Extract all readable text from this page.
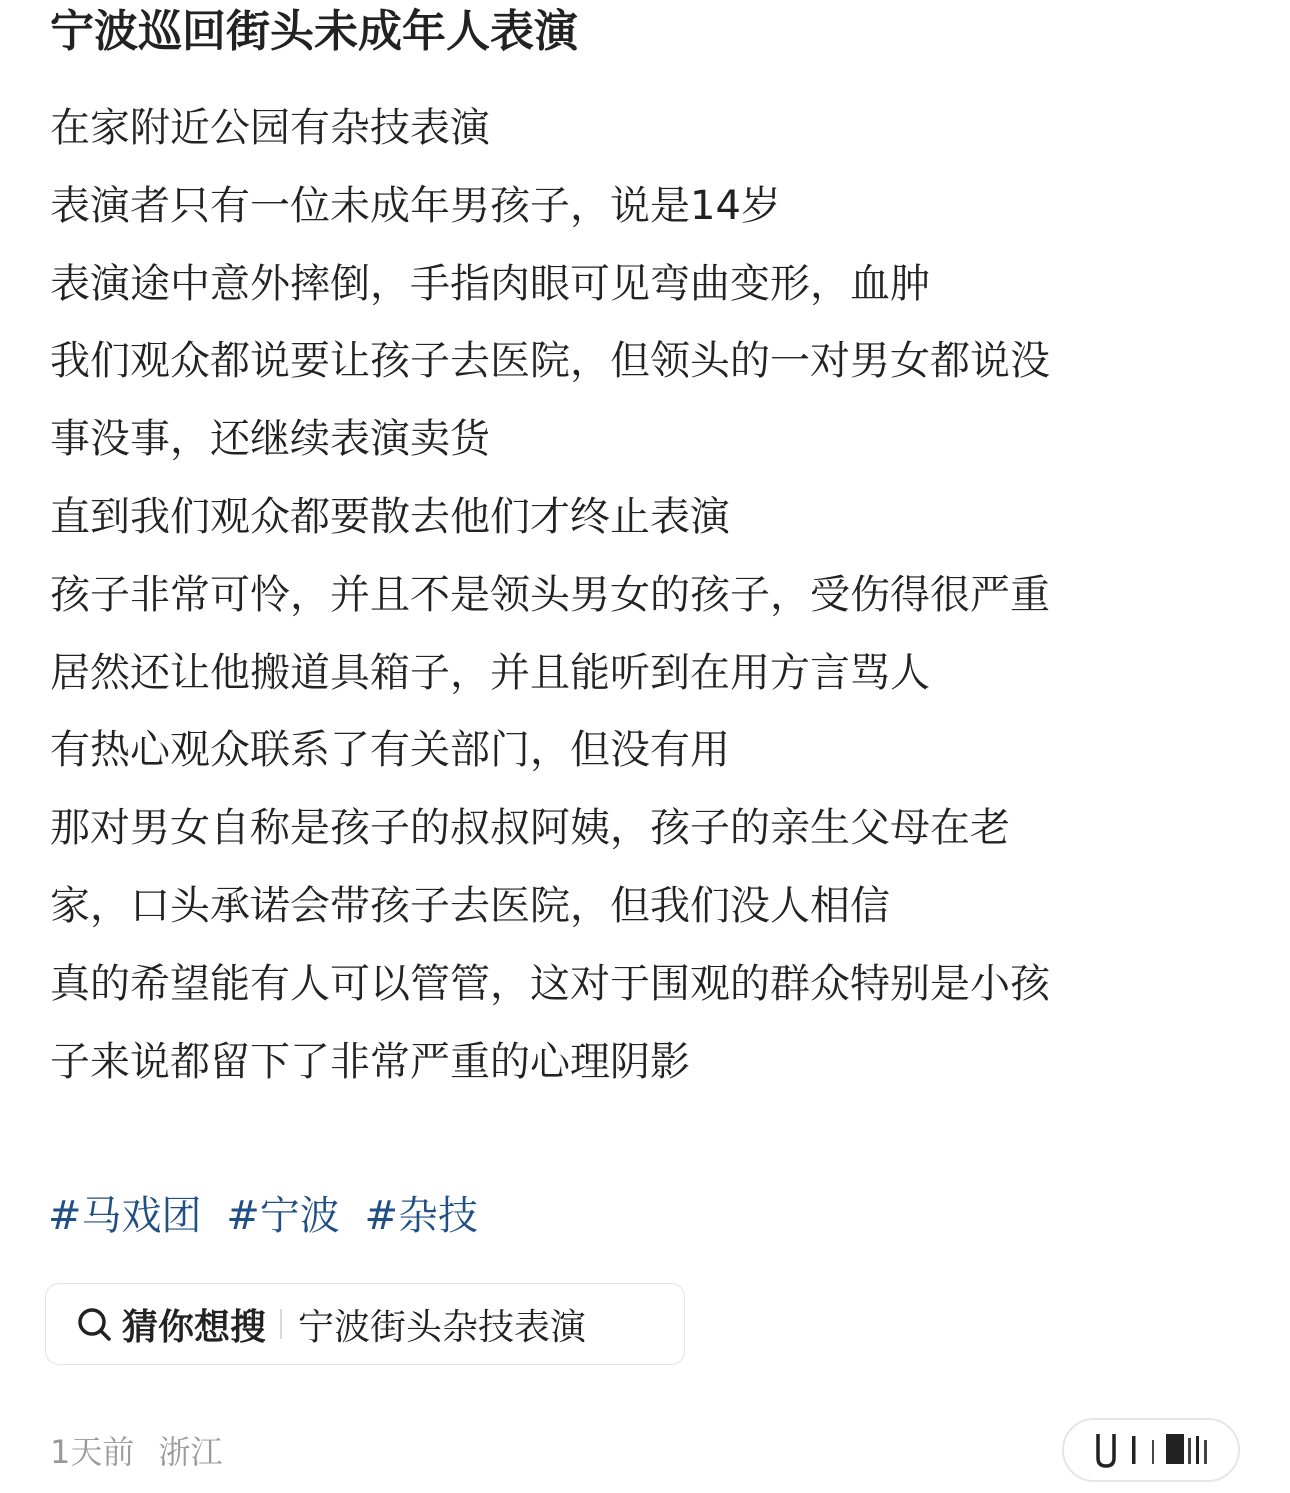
宁波巡回街头未成年人表演
在家附近公园有杂技表演
表演者只有一位未成年男孩子，说是14岁
表演途中意外摔倒，手指肉眼可见弯曲变形，血肿
我们观众都说要让孩子去医院，但领头的一对男女都说没
事没事，还继续表演卖货
直到我们观众都要散去他们才终止表演
孩子非常可怜，并且不是领头男女的孩子，受伤得很严重
居然还让他搬道具箱子，并且能听到在用方言骂人
有热心观众联系了有关部门，但没有用
那对男女自称是孩子的叔叔阿姨，孩子的亲生父母在老
家，口头承诺会带孩子去医院，但我们没人相信
真的希望能有人可以管管，这对于围观的群众特别是小孩
子来说都留下了非常严重的心理阴影
#马戏团 #宁波 #杂技
猜你想搜 宁波街头杂技表演
1天前 浙江
